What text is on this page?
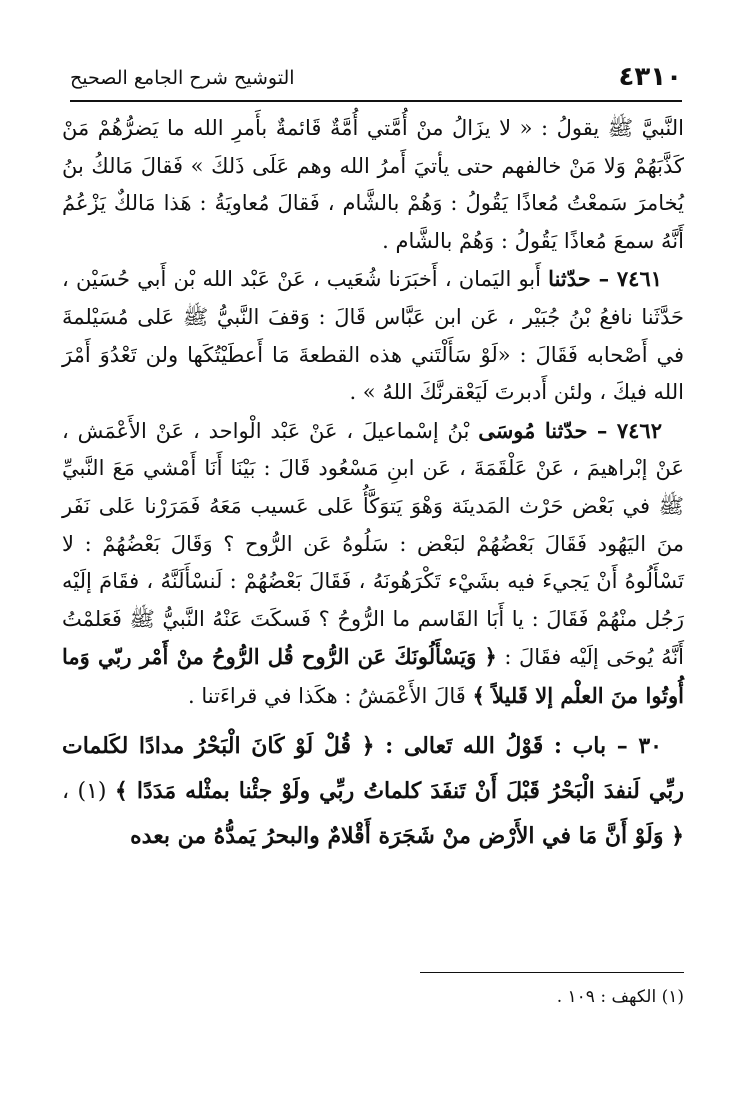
٤٣١٠
التوشيح شرح الجامع الصحيح

النَّبيَّ ﷺ يقولُ : « لا يزَالُ منْ أُمَّتي أُمَّةٌ قَائمةٌ بأَمرِ الله ما يَضرُّهُمْ مَنْ كَذَّبَهُمْ وَلا مَنْ خالفهم حتى يأتيَ أَمرُ الله وهم عَلَى ذَلكَ » فَقالَ مَالكُ بنُ يُخامرَ سَمعْتُ مُعاذًا يَقُولُ : وَهُمْ بالشَّام ، فَقالَ مُعاويَةُ : هَذا مَالكٌ يَزْعُمُ أَنَّهُ سمعَ مُعاذًا يَقُولُ : وَهُمْ بالشَّام .

٧٤٦١ – حدّثنا أَبو اليَمان ، أَخبَرَنا شُعَيب ، عَنْ عَبْد الله بْن أَبي حُسَيْن ، حَدَّثَنا نافعُ بْنُ جُبَيْر ، عَن ابن عَبَّاس قَالَ : وَقفَ النَّبيُّ ﷺ عَلى مُسَيْلمةَ في أَصْحابه فَقَالَ : «لَوْ سَأَلْتَني هذه القطعةَ مَا أَعطَيْتُكَها ولن تَعْدُوَ أَمْرَ الله فيكَ ، ولئن أَدبرتَ لَيَعْقرنَّكَ اللهُ » .

٧٤٦٢ – حدّثنا مُوسَى بْنُ إسْماعيلَ ، عَنْ عَبْد الْواحد ، عَنْ الأَعْمَش ، عَنْ إبْراهيمَ ، عَنْ عَلْقَمَةَ ، عَن ابنِ مَسْعُود قَالَ : بَيْنَا أَنَا أَمْشي مَعَ النَّبيِّ ﷺ في بَعْض حَرْث المَدينَة وَهْوَ يَتوَكَّأُ عَلى عَسيب مَعَهُ فَمَرَرْنا عَلى نَفَر منَ اليَهُود فَقَالَ بَعْضُهُمْ لبَعْض : سَلُوهُ عَن الرُّوح ؟ وَقَالَ بَعْضُهُمْ : لا تَسْأَلُوهُ أَنْ يَجيءَ فيه بشَيْء تَكْرَهُونَهُ ، فَقَالَ بَعْضُهُمْ : لَنسْأَلَنَّهُ ، فقَامَ إلَيْه رَجُل منْهُمْ فَقَالَ : يا أَبَا القَاسم ما الرُّوحُ ؟ فَسكَتَ عَنْهُ النَّبيُّ ﷺ فَعَلمْتُ أَنَّهُ يُوحَى إلَيْه فقَالَ : ﴿ وَيَسْأَلُونَكَ عَن الرُّوح قُل الرُّوحُ منْ أَمْر ربّي وَما أُوتُوا منَ العلْم إلا قَليلاً ﴾ قَالَ الأَعْمَشُ : هكَذا في قراءَتنا .

٣٠ – باب : قَوْلُ الله تَعالى : ﴿ قُلْ لَوْ كَانَ الْبَحْرُ مدادًا لكَلمات ربِّي لَنفدَ الْبَحْرُ قَبْلَ أَنْ تَنفَدَ كلماتُ ربِّي ولَوْ جئْنا بمثْله مَدَدًا ﴾ (١) ، ﴿ وَلَوْ أَنَّ مَا في الأَرْض منْ شَجَرَة أَقْلامٌ والبحرُ يَمدُّهُ من بعده

(١) الكهف : ١٠٩ .
